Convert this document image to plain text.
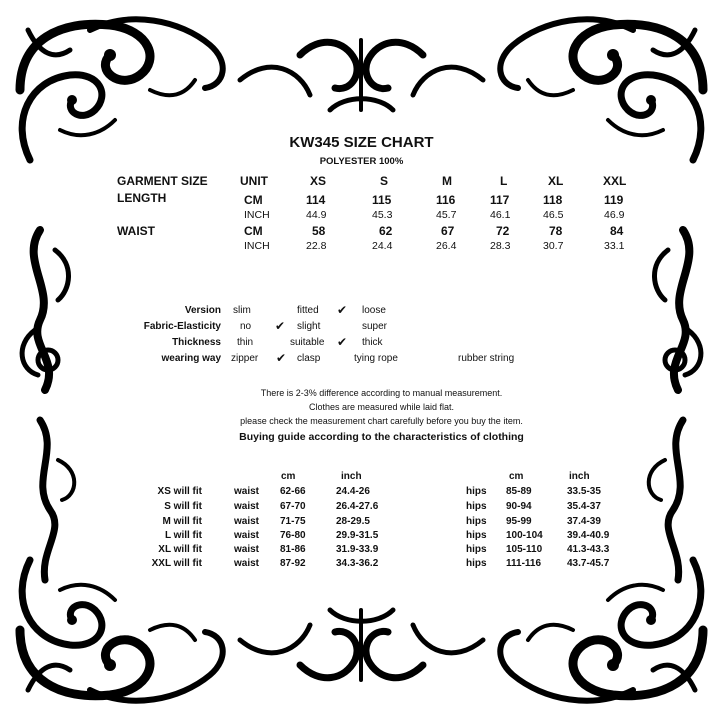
KW345 SIZE CHART
POLYESTER 100%
GARMENT SIZE	UNIT	XS	S	M	L	XL	XXL
LENGTH	CM	114	115	116	117	118	119
INCH	44.9	45.3	45.7	46.1	46.5	46.9
WAIST	CM	58	62	67	72	78	84
INCH	22.8	24.4	26.4	28.3	30.7	33.1
Version slim	fitted ✔ loose
Fabric-Elasticity no ✔ slight	super
Thickness thin	suitable ✔ thick
wearing way zipper ✔ clasp	tying rope	rubber string
There is 2-3% difference according to manual measurement.
Clothes are measured while laid flat.
please check the measurement chart carefully before you buy the item.
Buying guide according to the characteristics of clothing
cm	inch	cm	inch
XS will fit	waist 62-66	24.4-26	hips 85-89	33.5-35
S will fit	waist 67-70	26.4-27.6	hips 90-94	35.4-37
M will fit	waist 71-75	28-29.5	hips 95-99	37.4-39
L will fit	waist 76-80	29.9-31.5	hips 100-104 39.4-40.9
XL will fit	waist 81-86	31.9-33.9	hips 105-110 41.3-43.3
XXL will fit	waist 87-92	34.3-36.2	hips 111-116	43.7-45.7
